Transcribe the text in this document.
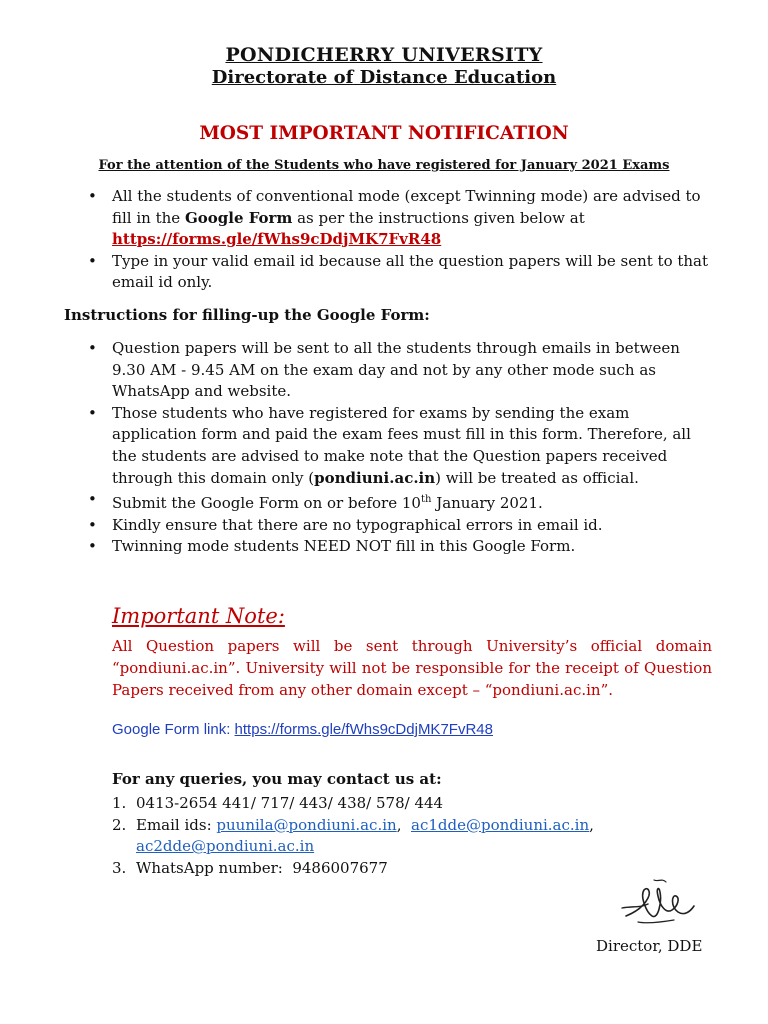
PONDICHERRY UNIVERSITY
Directorate of Distance Education
MOST IMPORTANT NOTIFICATION
For the attention of the Students who have registered for January 2021 Exams
• All the students of conventional mode (except Twinning mode) are advised to fill in the Google Form as per the instructions given below at
https://forms.gle/fWhs9cDdjMK7FvR48
• Type in your valid email id because all the question papers will be sent to that email id only.
Instructions for filling-up the Google Form:
• Question papers will be sent to all the students through emails in between 9.30 AM - 9.45 AM on the exam day and not by any other mode such as WhatsApp and website.
• Those students who have registered for exams by sending the exam application form and paid the exam fees must fill in this form. Therefore, all the students are advised to make note that the Question papers received through this domain only (pondiuni.ac.in) will be treated as official.
• Submit the Google Form on or before 10th January 2021.
• Kindly ensure that there are no typographical errors in email id.
• Twinning mode students NEED NOT fill in this Google Form.
Important Note:
All Question papers will be sent through University’s official domain “pondiuni.ac.in”. University will not be responsible for the receipt of Question Papers received from any other domain except – “pondiuni.ac.in”.
Google Form link: https://forms.gle/fWhs9cDdjMK7FvR48
For any queries, you may contact us at:
1. 0413-2654 441/ 717/ 443/ 438/ 578/ 444
2. Email ids: puunila@pondiuni.ac.in,  ac1dde@pondiuni.ac.in,
ac2dde@pondiuni.ac.in
3. WhatsApp number:  9486007677
Director, DDE
